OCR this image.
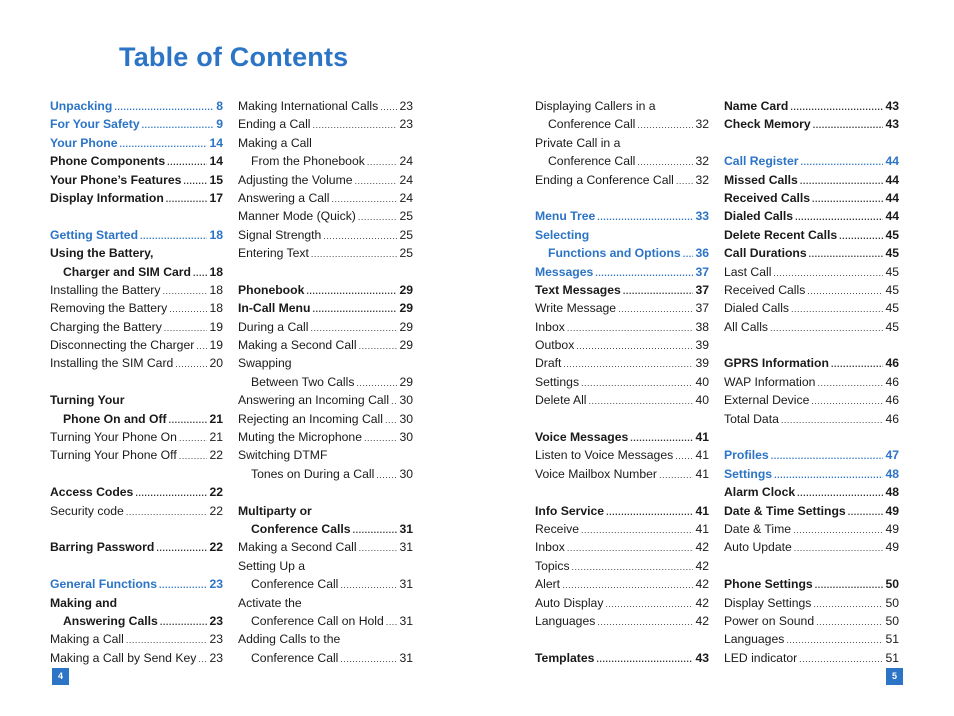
Table of Contents
Unpacking .....	8
For Your Safety .....	9
Your Phone .....	14
Phone Components .....	14
Your Phone’s Features ..... 15
Display Information .....	17
Getting Started .....	18
Using the Battery,
Charger and SIM Card ..... 18
Installing the Battery .....	18
Removing the Battery .....	18
Charging the Battery .....	19
Disconnecting the Charger ..... 19
Installing the SIM Card .....	20
Turning Your
Phone On and Off .....	21
Turning Your Phone On .....	21
Turning Your Phone Off .....	22
Access Codes .....	22
Security code .....	22
Barring Password .....	22
General Functions .....	23
Making and
Answering Calls .....	23
Making a Call .....	23
Making a Call by Send Key ..... 23
Making International Calls ..... 23
Ending a Call .....	23
Making a Call
From the Phonebook .....	24
Adjusting the Volume .....	24
Answering a Call .....	24
Manner Mode (Quick) .....	25
Signal Strength .....	25
Entering Text .....	25
Phonebook .....	29
In-Call Menu .....	29
During a Call .....	29
Making a Second Call .....	29
Swapping
Between Two Calls .....	29
Answering an Incoming Call ..... 30
Rejecting an Incoming Call ..... 30
Muting the Microphone .....	30
Switching DTMF
Tones on During a Call ..... 30
Multiparty or
Conference Calls .....	31
Making a Second Call .....	31
Setting Up a
Conference Call .....	31
Activate the
Conference Call on Hold ..... 31
Adding Calls to the
Conference Call .....	31
Displaying Callers in a
Conference Call .....	32
Private Call in a
Conference Call .....	32
Ending a Conference Call ..... 32
Menu Tree .....	33
Selecting
Functions and Options ..... 36
Messages .....	37
Text Messages .....	37
Write Message .....	37
Inbox .....	38
Outbox .....	39
Draft .....	39
Settings .....	40
Delete All .....	40
Voice Messages .....	41
Listen to Voice Messages ..... 41
Voice Mailbox Number .....	41
Info Service .....	41
Receive .....	41
Inbox .....	42
Topics .....	42
Alert .....	42
Auto Display .....	42
Languages .....	42
Templates .....	43
Name Card .....	43
Check Memory .....	43
Call Register .....	44
Missed Calls .....	44
Received Calls .....	44
Dialed Calls .....	44
Delete Recent Calls .....	45
Call Durations .....	45
Last Call .....	45
Received Calls .....	45
Dialed Calls .....	45
All Calls .....	45
GPRS Information .....	46
WAP Information .....	46
External Device .....	46
Total Data .....	46
Profiles .....	47
Settings .....	48
Alarm Clock .....	48
Date & Time Settings .....	49
Date & Time .....	49
Auto Update .....	49
Phone Settings .....	50
Display Settings .....	50
Power on Sound .....	50
Languages .....	51
LED indicator .....	51
4	5
